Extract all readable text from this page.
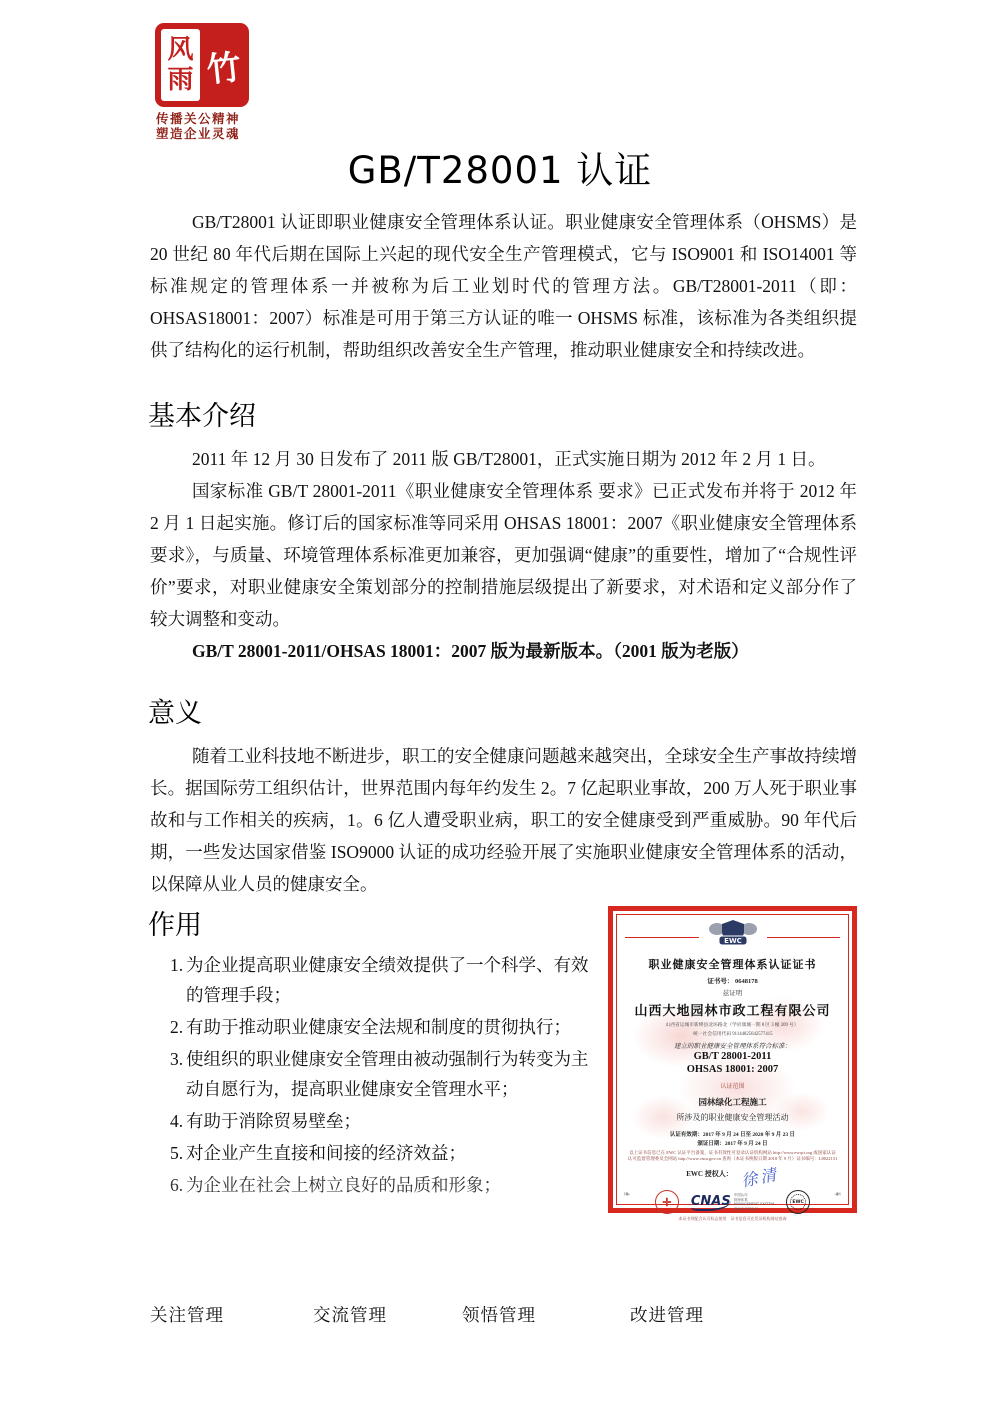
风
雨 竹
传播关公精神
塑造企业灵魂
GB/T28001 认证

GB/T28001 认证即职业健康安全管理体系认证。职业健康安全管理体系（OHSMS）是 20 世纪 80 年代后期在国际上兴起的现代安全生产管理模式，它与 ISO9001 和 ISO14001 等标准规定的管理体系一并被称为后工业划时代的管理方法。GB/T28001-2011（即：OHSAS18001：2007）标准是可用于第三方认证的唯一 OHSMS 标准，该标准为各类组织提供了结构化的运行机制，帮助组织改善安全生产管理，推动职业健康安全和持续改进。

基本介绍

2011 年 12 月 30 日发布了 2011 版 GB/T28001，正式实施日期为 2012 年 2 月 1 日。

国家标准 GB/T 28001-2011《职业健康安全管理体系 要求》已正式发布并将于 2012 年 2 月 1 日起实施。修订后的国家标准等同采用 OHSAS 18001：2007《职业健康安全管理体系要求》，与质量、环境管理体系标准更加兼容，更加强调“健康”的重要性，增加了“合规性评价”要求，对职业健康安全策划部分的控制措施层级提出了新要求，对术语和定义部分作了较大调整和变动。

GB/T 28001-2011/OHSAS 18001：2007 版为最新版本。（2001 版为老版）

意义

随着工业科技地不断进步，职工的安全健康问题越来越突出，全球安全生产事故持续增长。据国际劳工组织估计，世界范围内每年约发生 2。7 亿起职业事故，200 万人死于职业事故和与工作相关的疾病，1。6 亿人遭受职业病，职工的安全健康受到严重威胁。90 年代后期，一些发达国家借鉴 ISO9000 认证的成功经验开展了实施职业健康安全管理体系的活动，以保障从业人员的健康安全。

作用
1. 为企业提高职业健康安全绩效提供了一个科学、有效的管理手段；
2. 有助于推动职业健康安全法规和制度的贯彻执行；
3. 使组织的职业健康安全管理由被动强制行为转变为主动自愿行为，提高职业健康安全管理水平；
4. 有助于消除贸易壁垒；
5. 对企业产生直接和间接的经济效益；
6. 为企业在社会上树立良好的品质和形象；
EWC
职业健康安全管理体系认证证书
证书号： 0648178
兹证明
山西大地园林市政工程有限公司
山西省运城市新绛县北环路北（学府康城一期 8 区 3 幢 209 号）
统一社会信用代码 91144825642577415
建立的职业健康安全管理体系符合标准：
GB/T 28001-2011
OHSAS 18001: 2007
认证范围
园林绿化工程施工
所涉及的职业健康安全管理活动
认证有效期：2017 年 9 月 24 日至 2020 年 9 月 23 日
颁证日期：2017 年 9 月 24 日
以上证书信息已在 EWC 认证平台备案，证书有效性可登录认证机构网站 http://www.ewqci.org 或国家认证认可监督管理委员会网站 http://www.cnca.gov.cn 查询（本证书换版日期 2018 年 9 月）证书编号：L8022131
EWC 授权人： 徐清
✛ CNAS 中国认可
管理体系
MANAGEMENT SYSTEM
CNAS C038-M
EWC
本证书须配合认可标志使用　证书信息可在发证机构网站查询
❧	❧
关注管理	交流管理	领悟管理	改进管理
